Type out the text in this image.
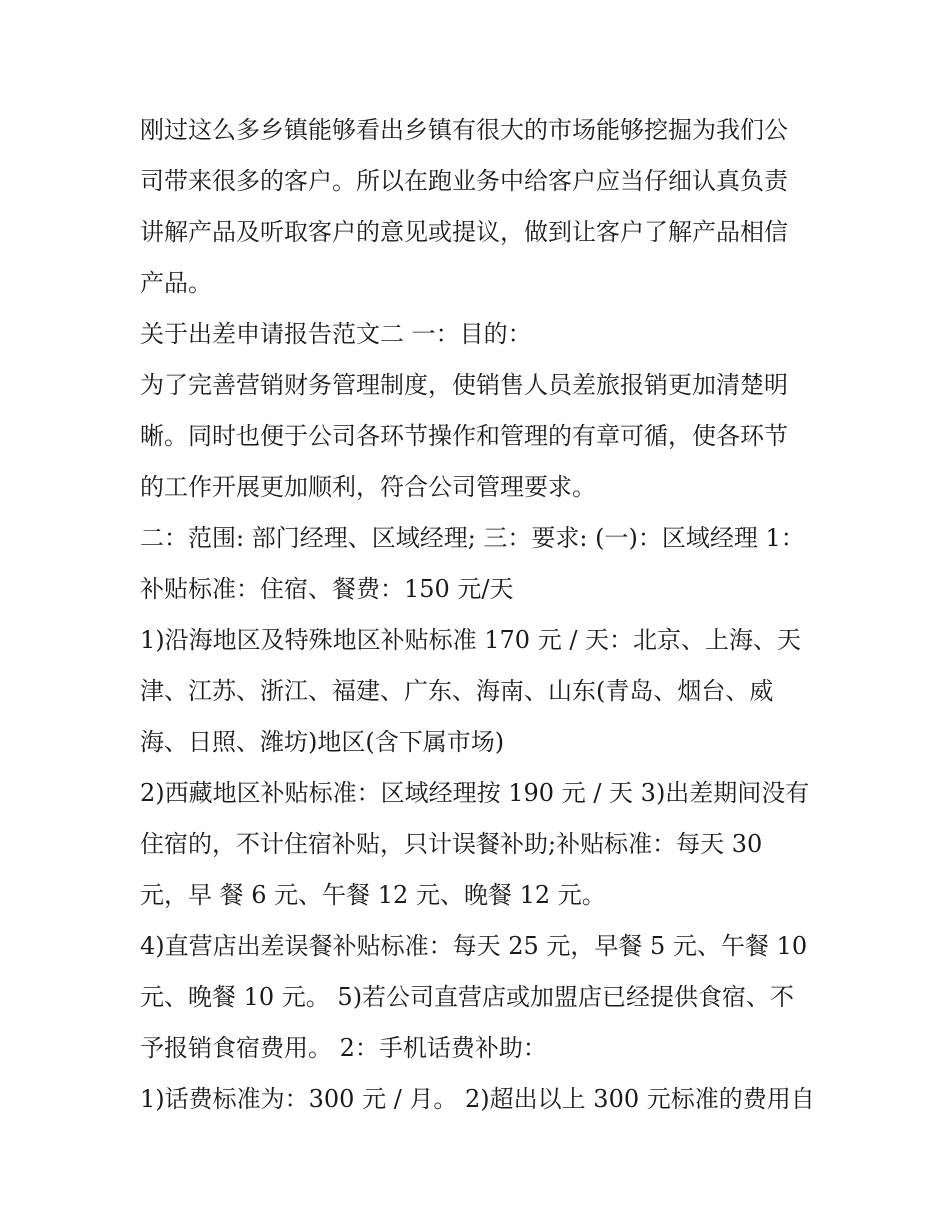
刚过这么多乡镇能够看出乡镇有很大的市场能够挖掘为我们公
司带来很多的客户。所以在跑业务中给客户应当仔细认真负责
讲解产品及听取客户的意见或提议，做到让客户了解产品相信
产品。
关于出差申请报告范文二 一：目的：
为了完善营销财务管理制度，使销售人员差旅报销更加清楚明
晰。同时也便于公司各环节操作和管理的有章可循，使各环节
的工作开展更加顺利，符合公司管理要求。
二：范围: 部门经理、区域经理; 三：要求: (一)：区域经理 1：
补贴标准：住宿、餐费：150 元/天
1)沿海地区及特殊地区补贴标准 170 元 / 天：北京、上海、天
津、江苏、浙江、福建、广东、海南、山东(青岛、烟台、威
海、日照、潍坊)地区(含下属市场)
2)西藏地区补贴标准：区域经理按 190 元 / 天 3)出差期间没有
住宿的，不计住宿补贴，只计误餐补助;补贴标准：每天 30
元，早 餐 6 元、午餐 12 元、晚餐 12 元。
4)直营店出差误餐补贴标准：每天 25 元，早餐 5 元、午餐 10
元、晚餐 10 元。 5)若公司直营店或加盟店已经提供食宿、不
予报销食宿费用。 2：手机话费补助：
1)话费标准为：300 元 / 月。 2)超出以上 300 元标准的费用自
